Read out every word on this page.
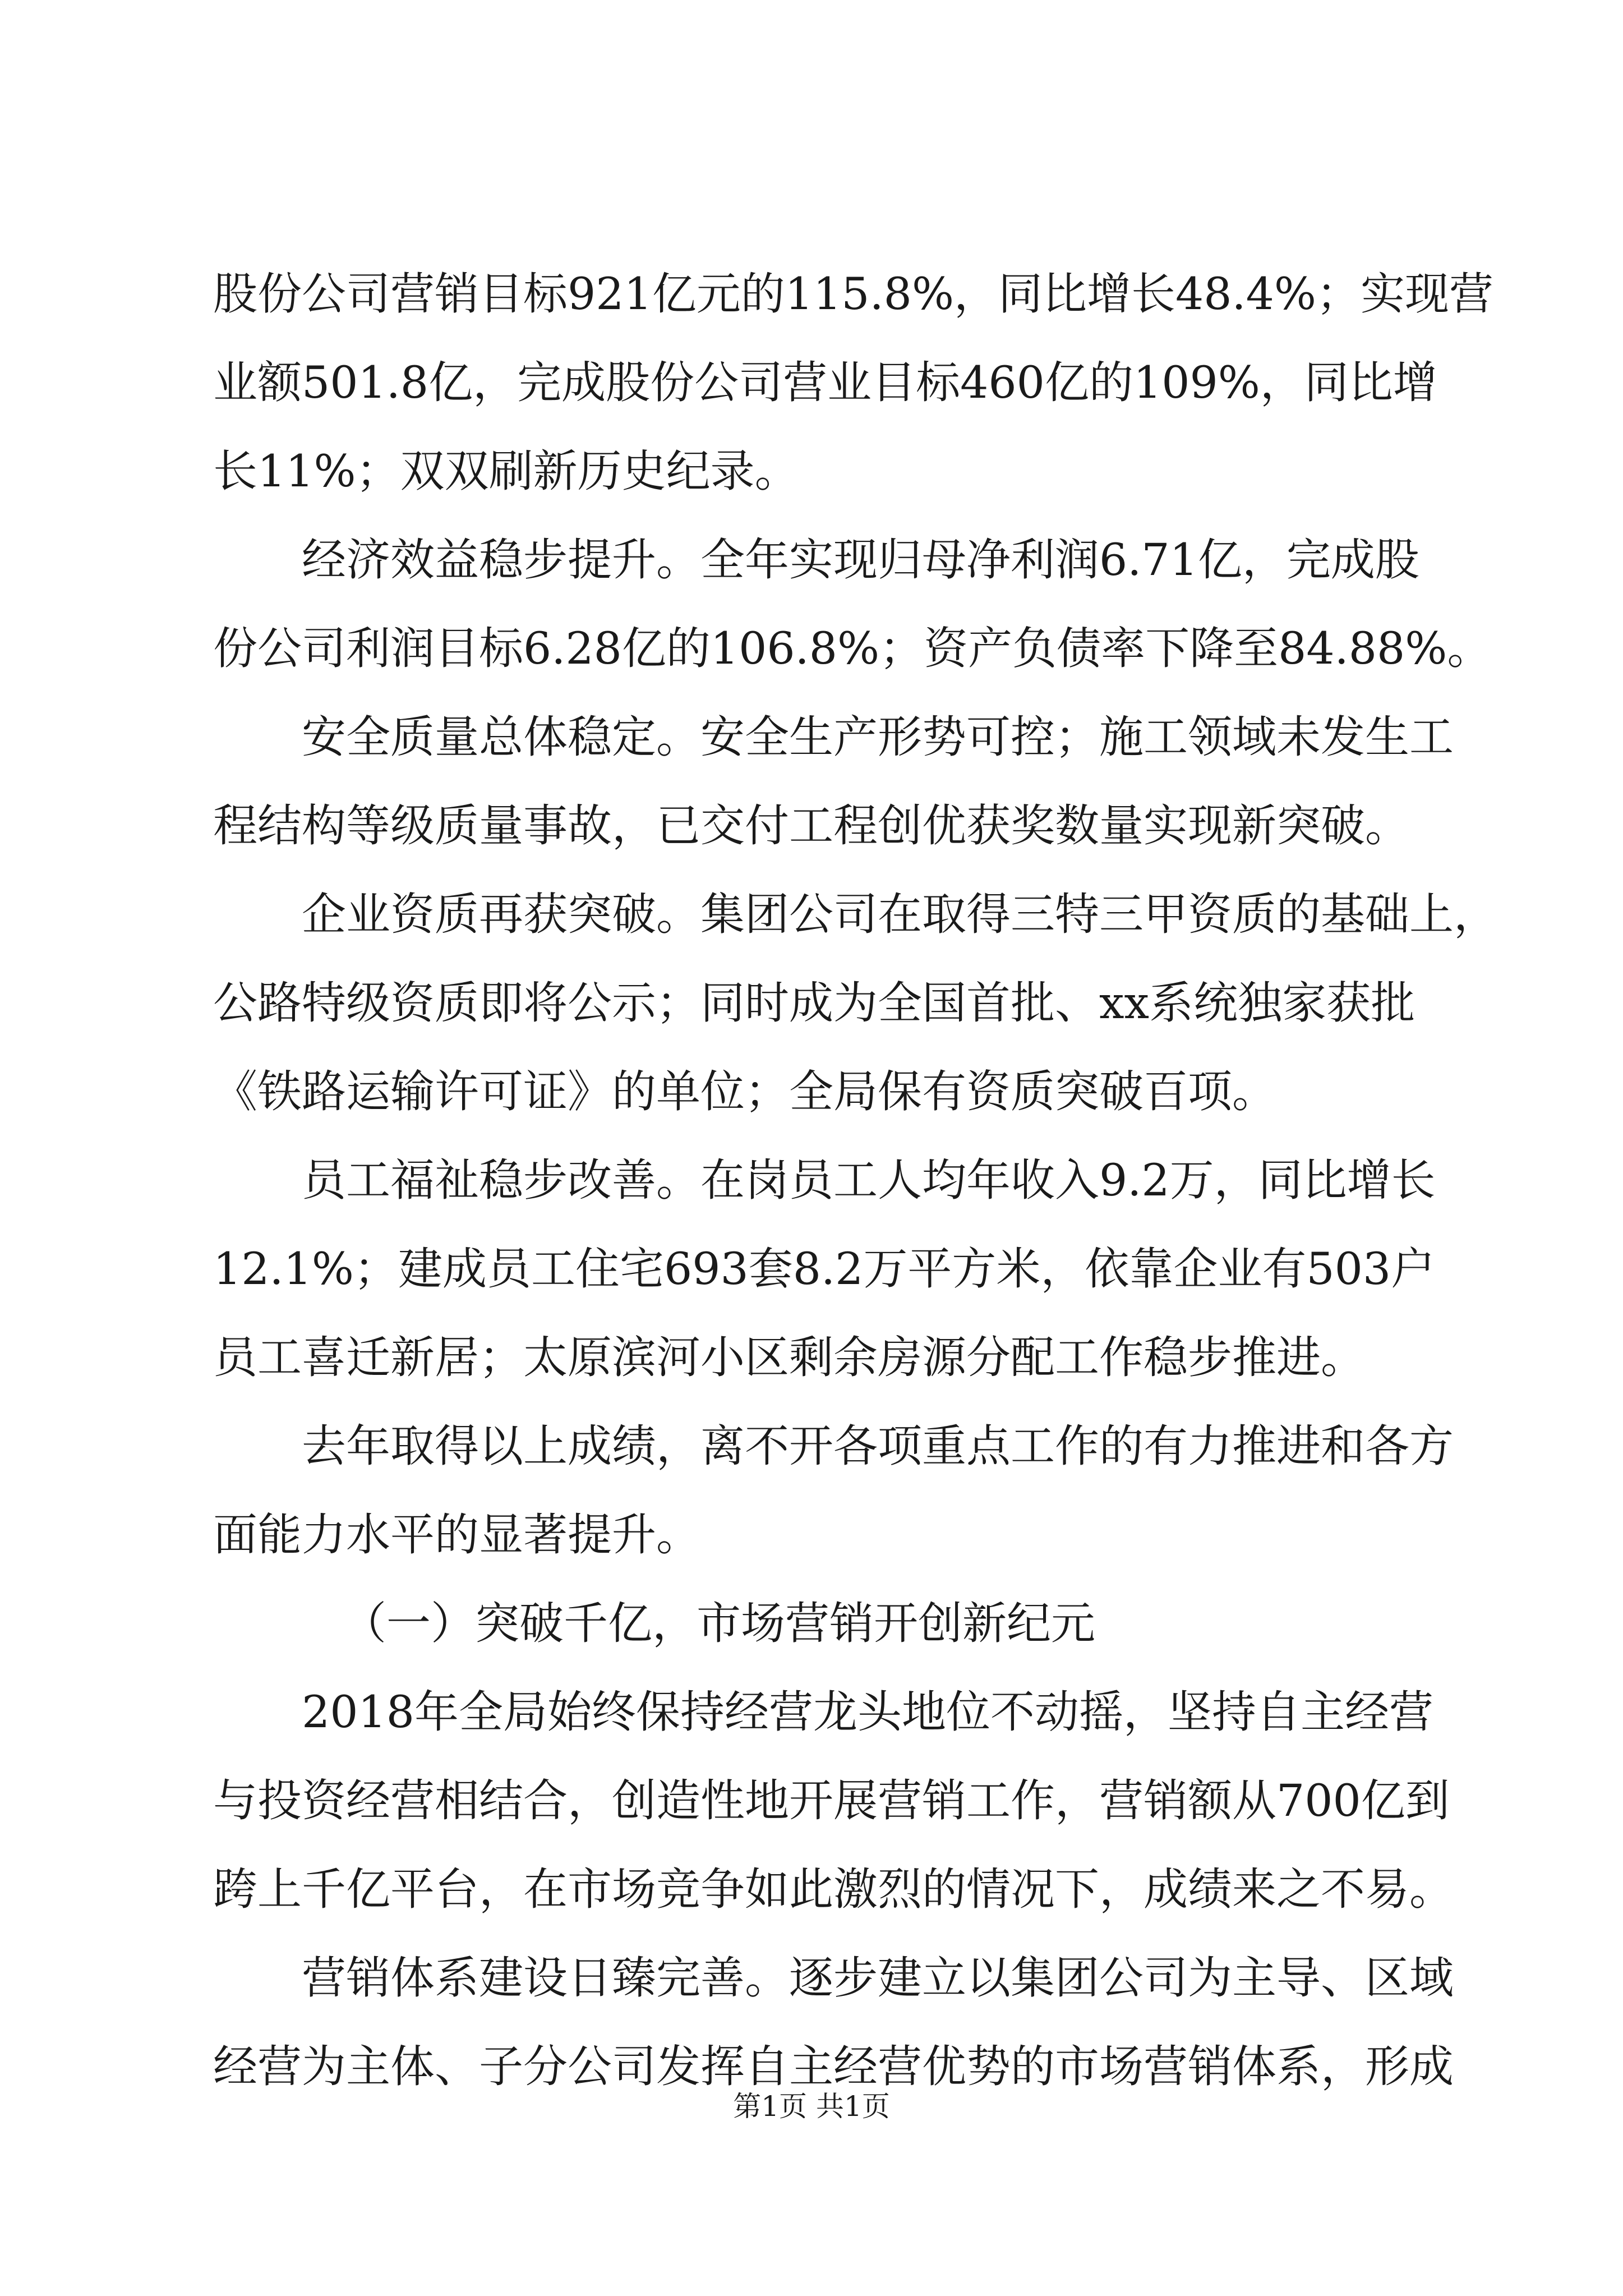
股份公司营销目标921亿元的115.8%，同比增长48.4%；实现营
业额501.8亿，完成股份公司营业目标460亿的109%，同比增
长11%；双双刷新历史纪录。
经济效益稳步提升。全年实现归母净利润6.71亿，完成股
份公司利润目标6.28亿的106.8%；资产负债率下降至84.88%。
安全质量总体稳定。安全生产形势可控；施工领域未发生工
程结构等级质量事故，已交付工程创优获奖数量实现新突破。
企业资质再获突破。集团公司在取得三特三甲资质的基础上，
公路特级资质即将公示；同时成为全国首批、xx系统独家获批
《铁路运输许可证》的单位；全局保有资质突破百项。
员工福祉稳步改善。在岗员工人均年收入9.2万，同比增长
12.1%；建成员工住宅693套8.2万平方米，依靠企业有503户
员工喜迁新居；太原滨河小区剩余房源分配工作稳步推进。
去年取得以上成绩，离不开各项重点工作的有力推进和各方
面能力水平的显著提升。
（一）突破千亿，市场营销开创新纪元
2018年全局始终保持经营龙头地位不动摇，坚持自主经营
与投资经营相结合，创造性地开展营销工作，营销额从700亿到
跨上千亿平台，在市场竞争如此激烈的情况下，成绩来之不易。
营销体系建设日臻完善。逐步建立以集团公司为主导、区域
经营为主体、子分公司发挥自主经营优势的市场营销体系，形成
第1页 共1页
